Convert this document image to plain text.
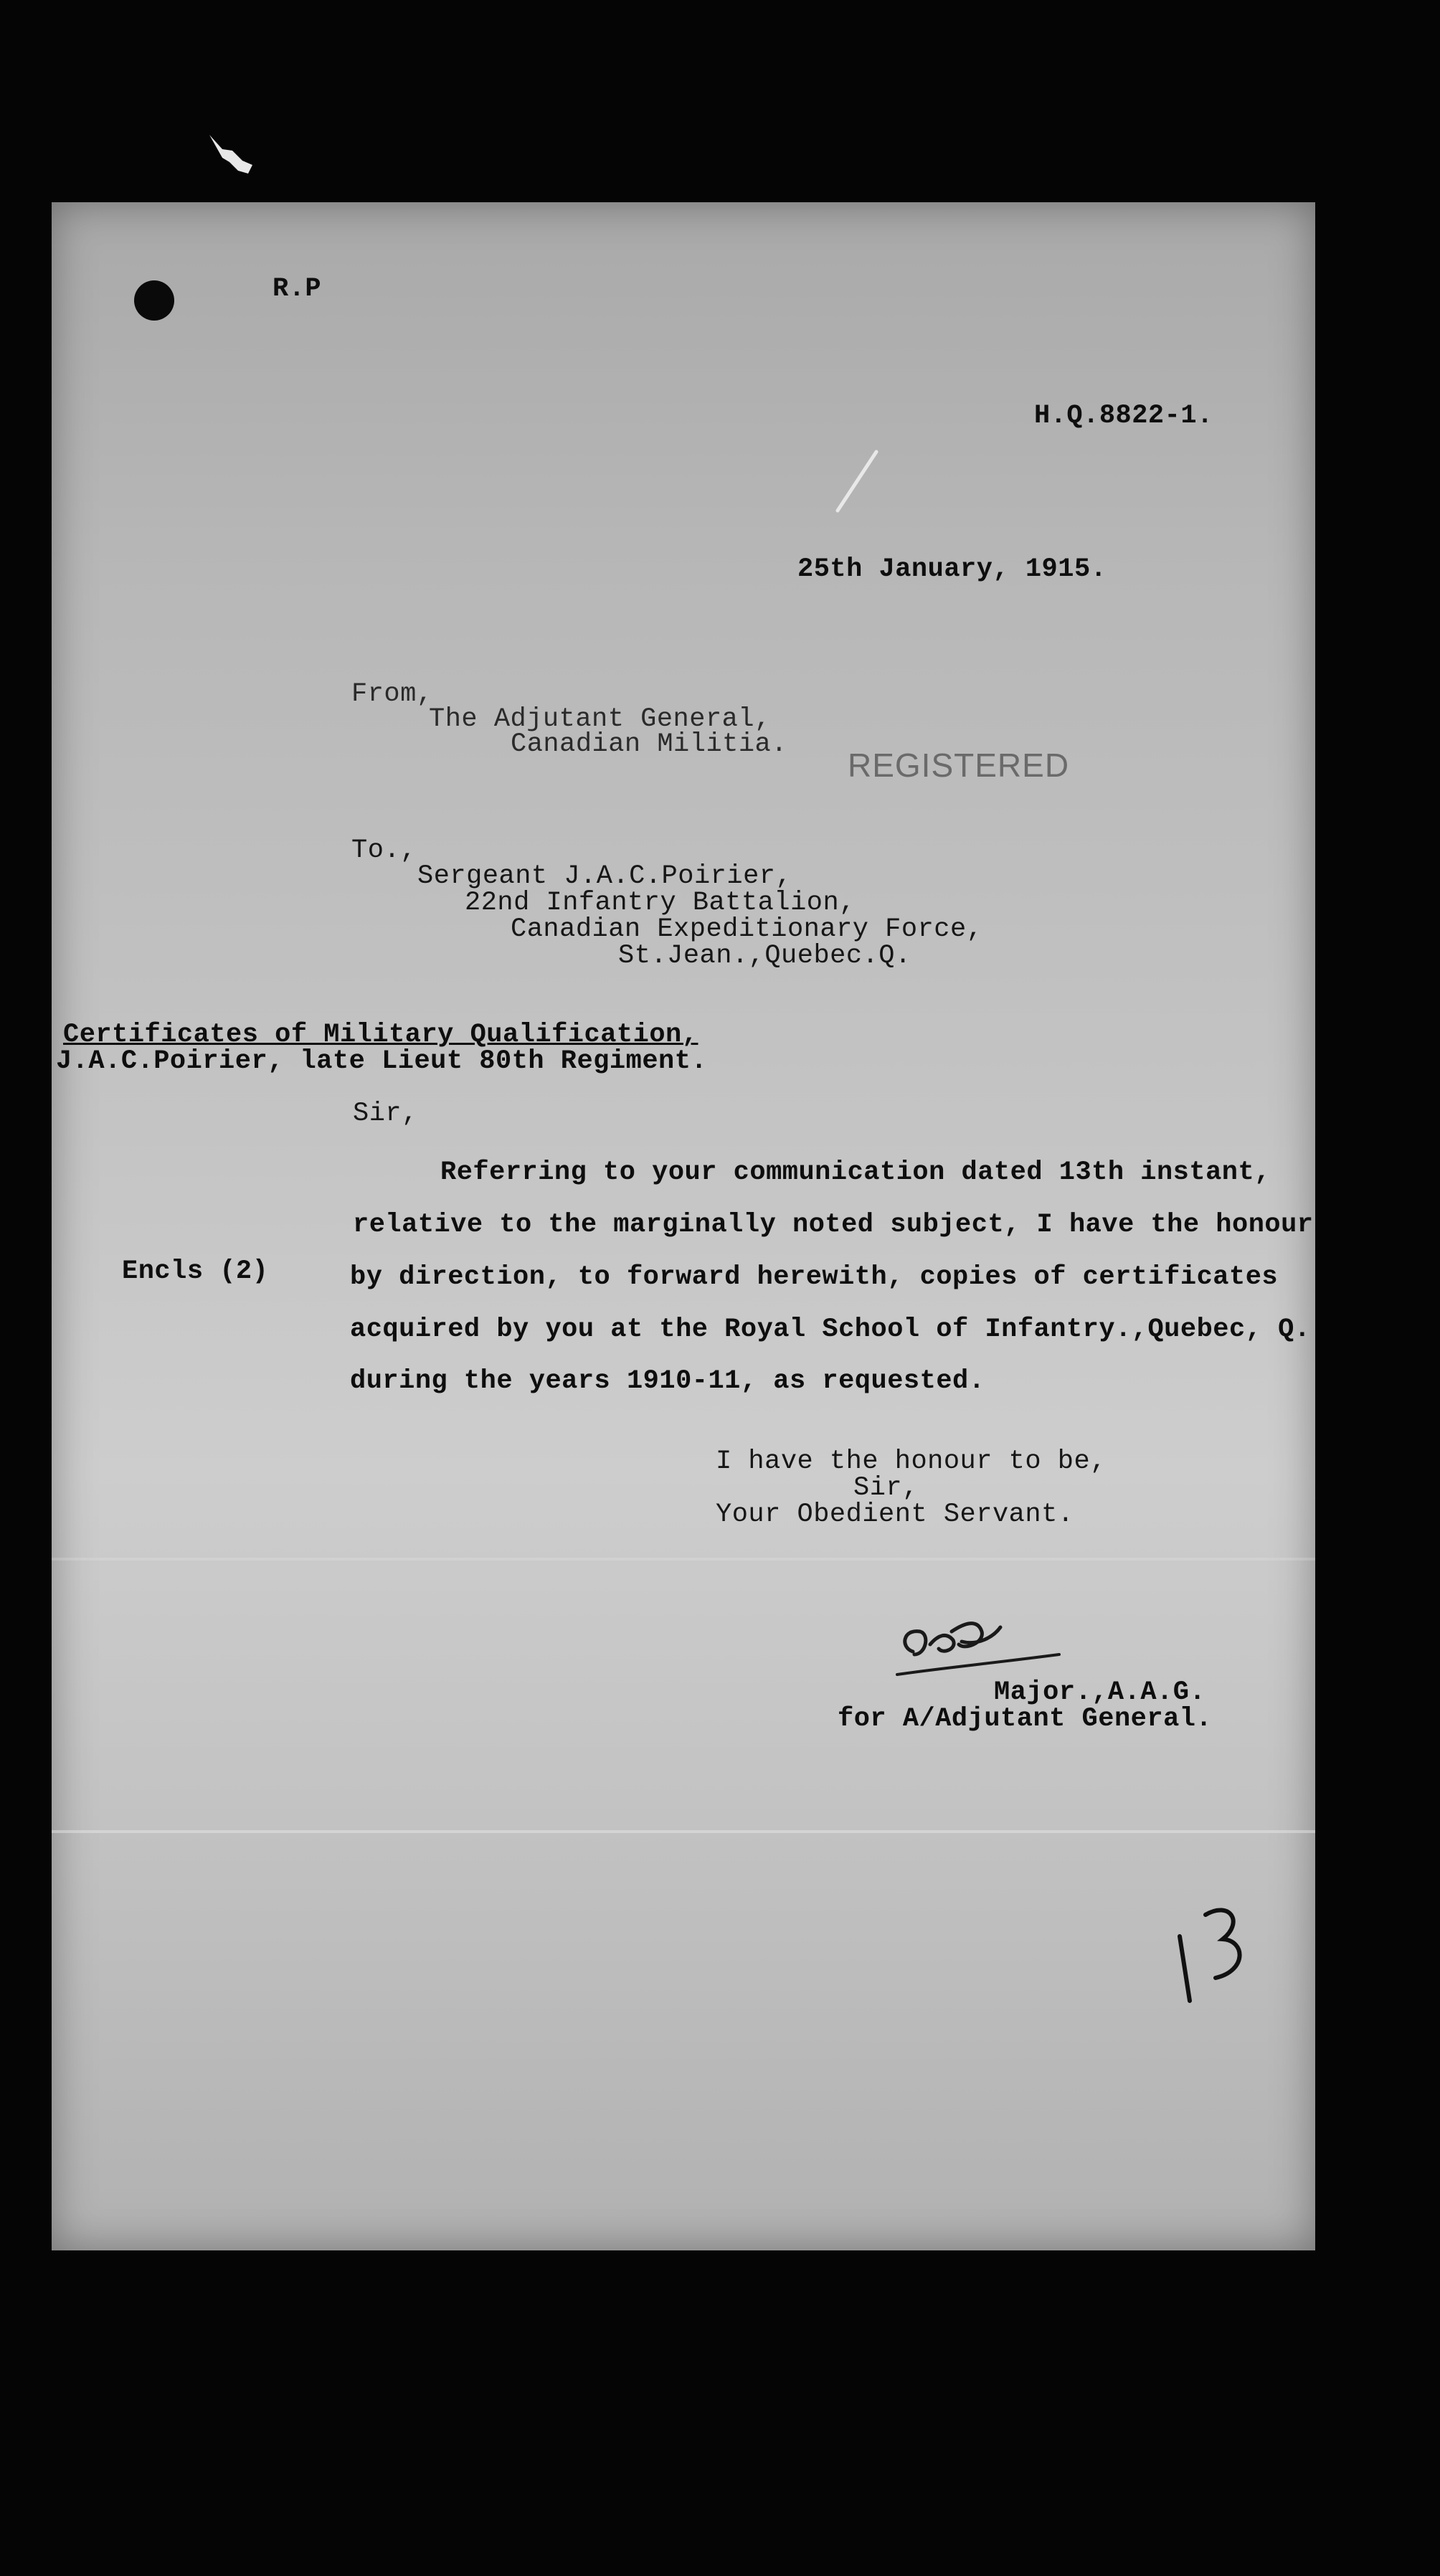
R.P
H.Q.8822-1.
25th January, 1915.
From,
The Adjutant General,
Canadian Militia.
REGISTERED
To.,
Sergeant J.A.C.Poirier,
22nd Infantry Battalion,
Canadian Expeditionary Force,
St.Jean.,Quebec.Q.
Certificates of Military Qualification,
J.A.C.Poirier, late Lieut 80th Regiment.
Sir,
Referring to your communication dated 13th instant,
relative to the marginally noted subject, I have the honour
Encls (2)	by direction, to forward herewith, copies of certificates
acquired by you at the Royal School of Infantry.,Quebec, Q.
during the years 1910-11, as requested.
I have the honour to be,
Sir,
Your Obedient Servant.
Major.,A.A.G.
for A/Adjutant General.
